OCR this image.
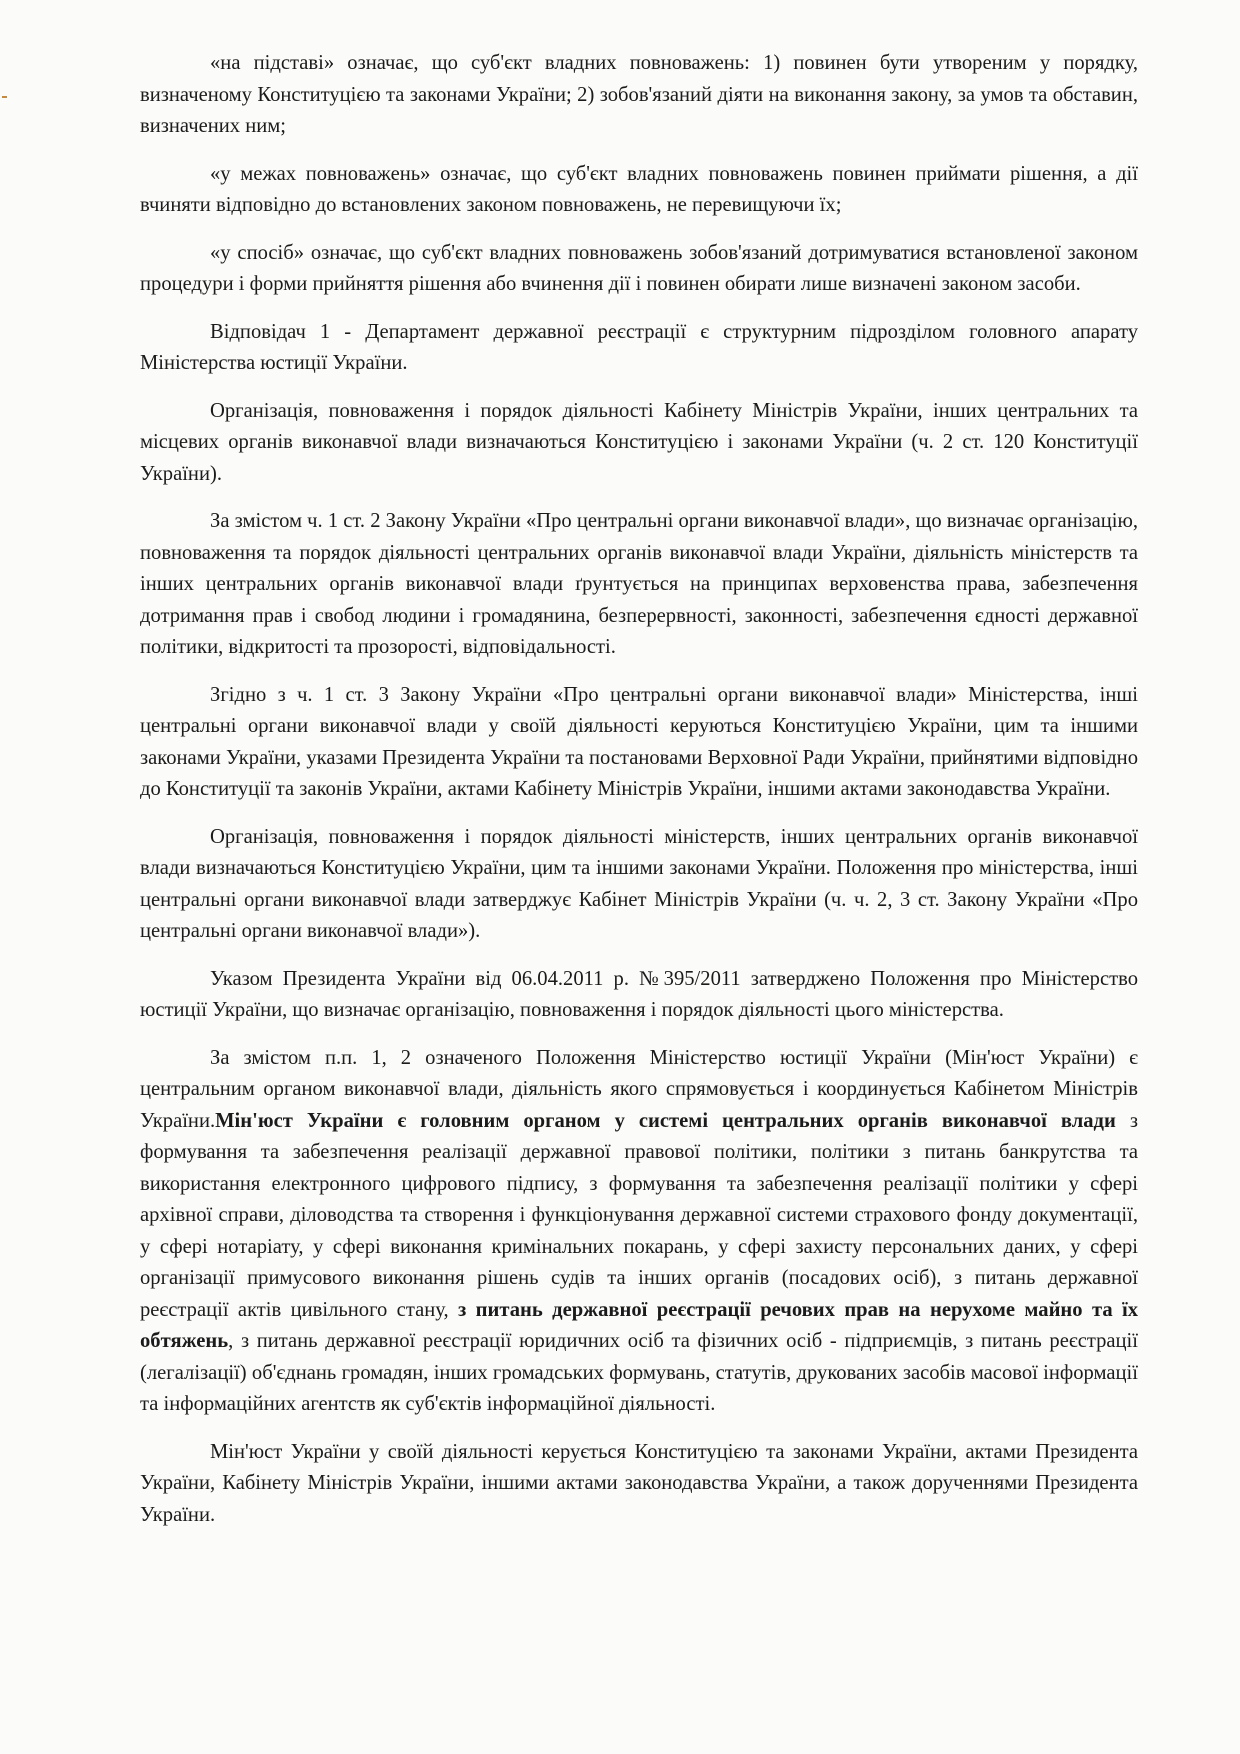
«на підставі» означає, що суб'єкт владних повноважень: 1) повинен бути утвореним у порядку, визначеному Конституцією та законами України; 2) зобов'язаний діяти на виконання закону, за умов та обставин, визначених ним;

«у межах повноважень» означає, що суб'єкт владних повноважень повинен приймати рішення, а дії вчиняти відповідно до встановлених законом повноважень, не перевищуючи їх;

«у спосіб» означає, що суб'єкт владних повноважень зобов'язаний дотримуватися встановленої законом процедури і форми прийняття рішення або вчинення дії і повинен обирати лише визначені законом засоби.

Відповідач 1 - Департамент державної реєстрації є структурним підрозділом головного апарату Міністерства юстиції України.

Організація, повноваження і порядок діяльності Кабінету Міністрів України, інших центральних та місцевих органів виконавчої влади визначаються Конституцією і законами України (ч. 2 ст. 120 Конституції України).

За змістом ч. 1 ст. 2 Закону України «Про центральні органи виконавчої влади», що визначає організацію, повноваження та порядок діяльності центральних органів виконавчої влади України, діяльність міністерств та інших центральних органів виконавчої влади ґрунтується на принципах верховенства права, забезпечення дотримання прав і свобод людини і громадянина, безперервності, законності, забезпечення єдності державної політики, відкритості та прозорості, відповідальності.

Згідно з ч. 1 ст. 3 Закону України «Про центральні органи виконавчої влади» Міністерства, інші центральні органи виконавчої влади у своїй діяльності керуються Конституцією України, цим та іншими законами України, указами Президента України та постановами Верховної Ради України, прийнятими відповідно до Конституції та законів України, актами Кабінету Міністрів України, іншими актами законодавства України.

Організація, повноваження і порядок діяльності міністерств, інших центральних органів виконавчої влади визначаються Конституцією України, цим та іншими законами України. Положення про міністерства, інші центральні органи виконавчої влади затверджує Кабінет Міністрів України (ч. ч. 2, 3 ст. Закону України «Про центральні органи виконавчої влади»).

Указом Президента України від 06.04.2011 р. №395/2011 затверджено Положення про Міністерство юстиції України, що визначає організацію, повноваження і порядок діяльності цього міністерства.

За змістом п.п. 1, 2 означеного Положення Міністерство юстиції України (Мін'юст України) є центральним органом виконавчої влади, діяльність якого спрямовується і координується Кабінетом Міністрів України.Мін'юст України є головним органом у системі центральних органів виконавчої влади з формування та забезпечення реалізації державної правової політики, політики з питань банкрутства та використання електронного цифрового підпису, з формування та забезпечення реалізації політики у сфері архівної справи, діловодства та створення і функціонування державної системи страхового фонду документації, у сфері нотаріату, у сфері виконання кримінальних покарань, у сфері захисту персональних даних, у сфері організації примусового виконання рішень судів та інших органів (посадових осіб), з питань державної реєстрації актів цивільного стану, з питань державної реєстрації речових прав на нерухоме майно та їх обтяжень, з питань державної реєстрації юридичних осіб та фізичних осіб - підприємців, з питань реєстрації (легалізації) об'єднань громадян, інших громадських формувань, статутів, друкованих засобів масової інформації та інформаційних агентств як суб'єктів інформаційної діяльності.

Мін'юст України у своїй діяльності керується Конституцією та законами України, актами Президента України, Кабінету Міністрів України, іншими актами законодавства України, а також дорученнями Президента України.
